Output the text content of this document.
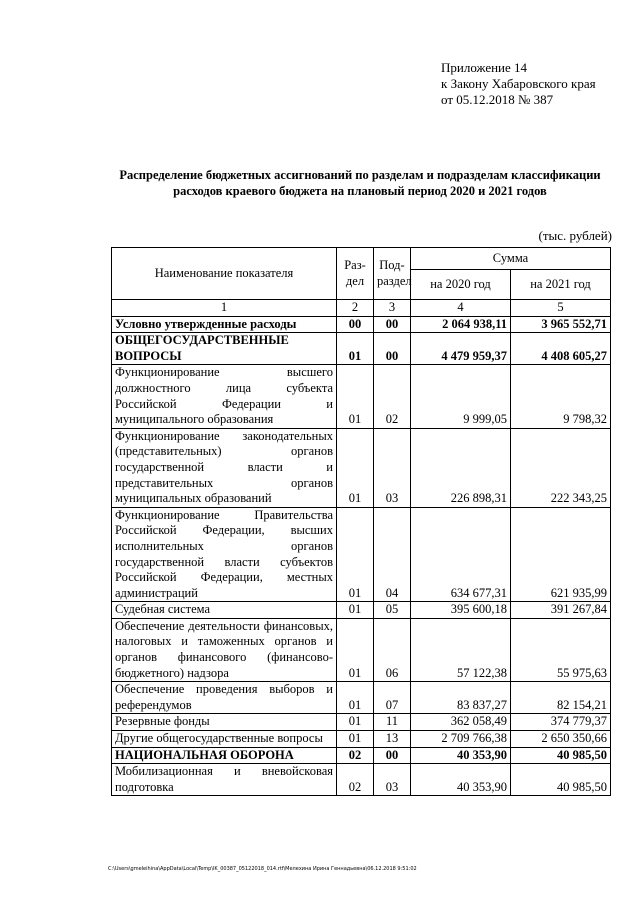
Приложение 14
к Закону Хабаровского края
от 05.12.2018 № 387
Распределение бюджетных ассигнований по разделам и подразделам классификации расходов краевого бюджета на плановый период 2020 и 2021 годов
(тыс. рублей)
Наименование показателя	Раз-дел	Под-раздел	Сумма	
			на 2020 год	на 2021 год
1	2	3	4	5
Условно утвержденные расходы	00	00	2 064 938,11	3 965 552,71
ОБЩЕГОСУДАРСТВЕННЫЕ ВОПРОСЫ	01	00	4 479 959,37	4 408 605,27
Функционирование высшего должностного лица субъекта Российской Федерации и муниципального образования	01	02	9 999,05	9 798,32
Функционирование законодательных (представительных) органов государственной власти и представительных органов муниципальных образований	01	03	226 898,31	222 343,25
Функционирование Правительства Российской Федерации, высших исполнительных органов государственной власти субъектов Российской Федерации, местных администраций	01	04	634 677,31	621 935,99
Судебная система	01	05	395 600,18	391 267,84
Обеспечение деятельности финансовых, налоговых и таможенных органов и органов финансового (финансово-бюджетного) надзора	01	06	57 122,38	55 975,63
Обеспечение проведения выборов и референдумов	01	07	83 837,27	82 154,21
Резервные фонды	01	11	362 058,49	374 779,37
Другие общегосударственные вопросы	01	13	2 709 766,38	2 650 350,66
НАЦИОНАЛЬНАЯ ОБОРОНА	02	00	40 353,90	40 985,50
Мобилизационная и вневойсковая подготовка	02	03	40 353,90	40 985,50
C:\Users\gmeleihina\AppData\Local\Temp\lK_00387_05122018_014.rtf\Мелехина Ирина Геннадьевна\06.12.2018 9:51:02
